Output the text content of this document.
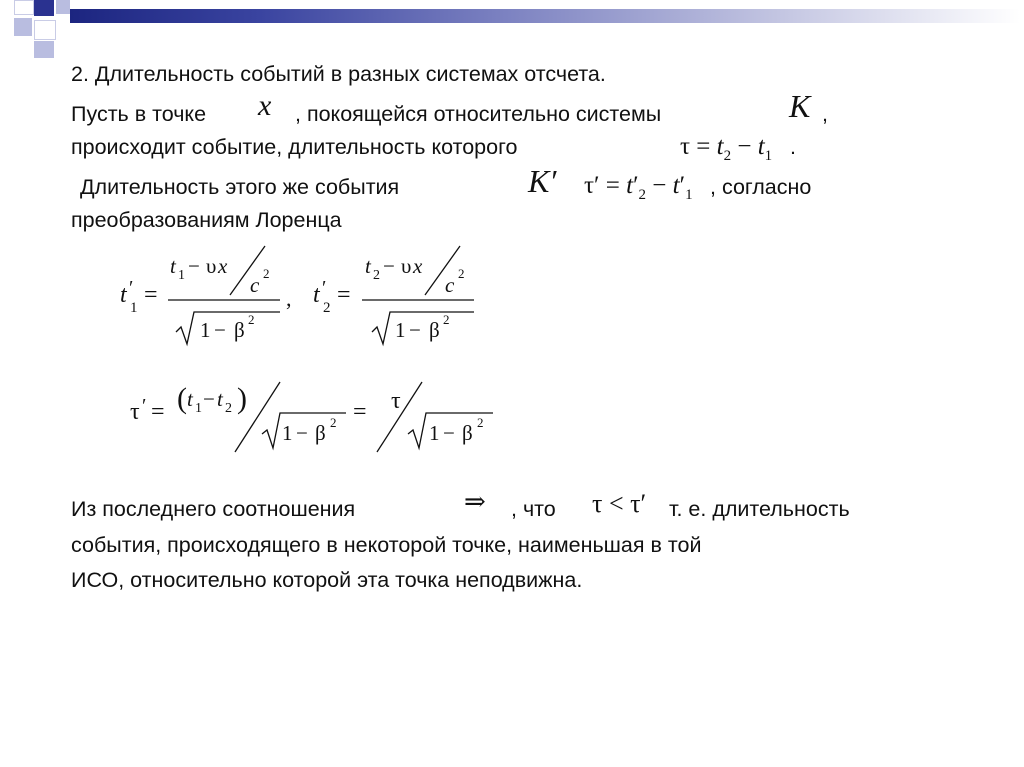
2. Длительность событий в разных системах отсчета.
Пусть в точке x , покоящейся относительно системы	K ,
происходит событие, длительность которого	$\tau = t_2 - t_1$ .
Длительность этого же события	K′ $\tau' = t'_2 - t'_1$ , согласно
преобразованиям Лоренца
t ′
1 =
t 1 − υ x
c 2
1 − β 2
, t ′
2 =
t 2 − υ x
c 2
1 − β 2
τ ′ = ( t 1 − t 2 )
1 − β 2 = τ
1 − β 2
Из последнего соотношения	⇒ , что τ < τ′ т. е. длительность
события, происходящего в некоторой точке, наименьшая в той
ИСО, относительно которой эта точка неподвижна.
